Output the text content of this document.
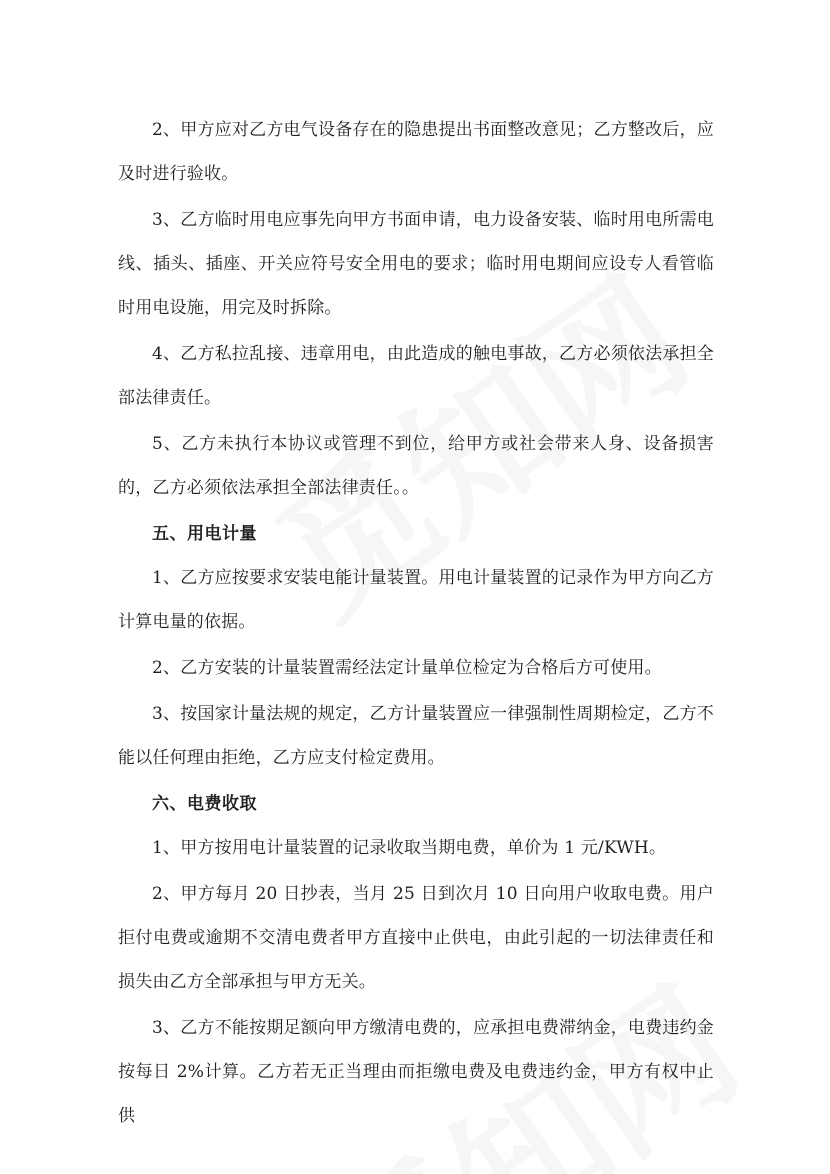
2、甲方应对乙方电气设备存在的隐患提出书面整改意见；乙方整改后，应及时进行验收。

3、乙方临时用电应事先向甲方书面申请，电力设备安装、临时用电所需电线、插头、插座、开关应符号安全用电的要求；临时用电期间应设专人看管临时用电设施，用完及时拆除。

4、乙方私拉乱接、违章用电，由此造成的触电事故，乙方必须依法承担全部法律责任。

5、乙方未执行本协议或管理不到位，给甲方或社会带来人身、设备损害的，乙方必须依法承担全部法律责任。。

五、用电计量

1、乙方应按要求安装电能计量装置。用电计量装置的记录作为甲方向乙方计算电量的依据。

2、乙方安装的计量装置需经法定计量单位检定为合格后方可使用。

3、按国家计量法规的规定，乙方计量装置应一律强制性周期检定，乙方不能以任何理由拒绝，乙方应支付检定费用。

六、电费收取

1、甲方按用电计量装置的记录收取当期电费，单价为 1 元/KWH。

2、甲方每月 20 日抄表，当月 25 日到次月 10 日向用户收取电费。用户拒付电费或逾期不交清电费者甲方直接中止供电，由此引起的一切法律责任和损失由乙方全部承担与甲方无关。

3、乙方不能按期足额向甲方缴清电费的，应承担电费滞纳金，电费违约金按每日 2%计算。乙方若无正当理由而拒缴电费及电费违约金，甲方有权中止供
